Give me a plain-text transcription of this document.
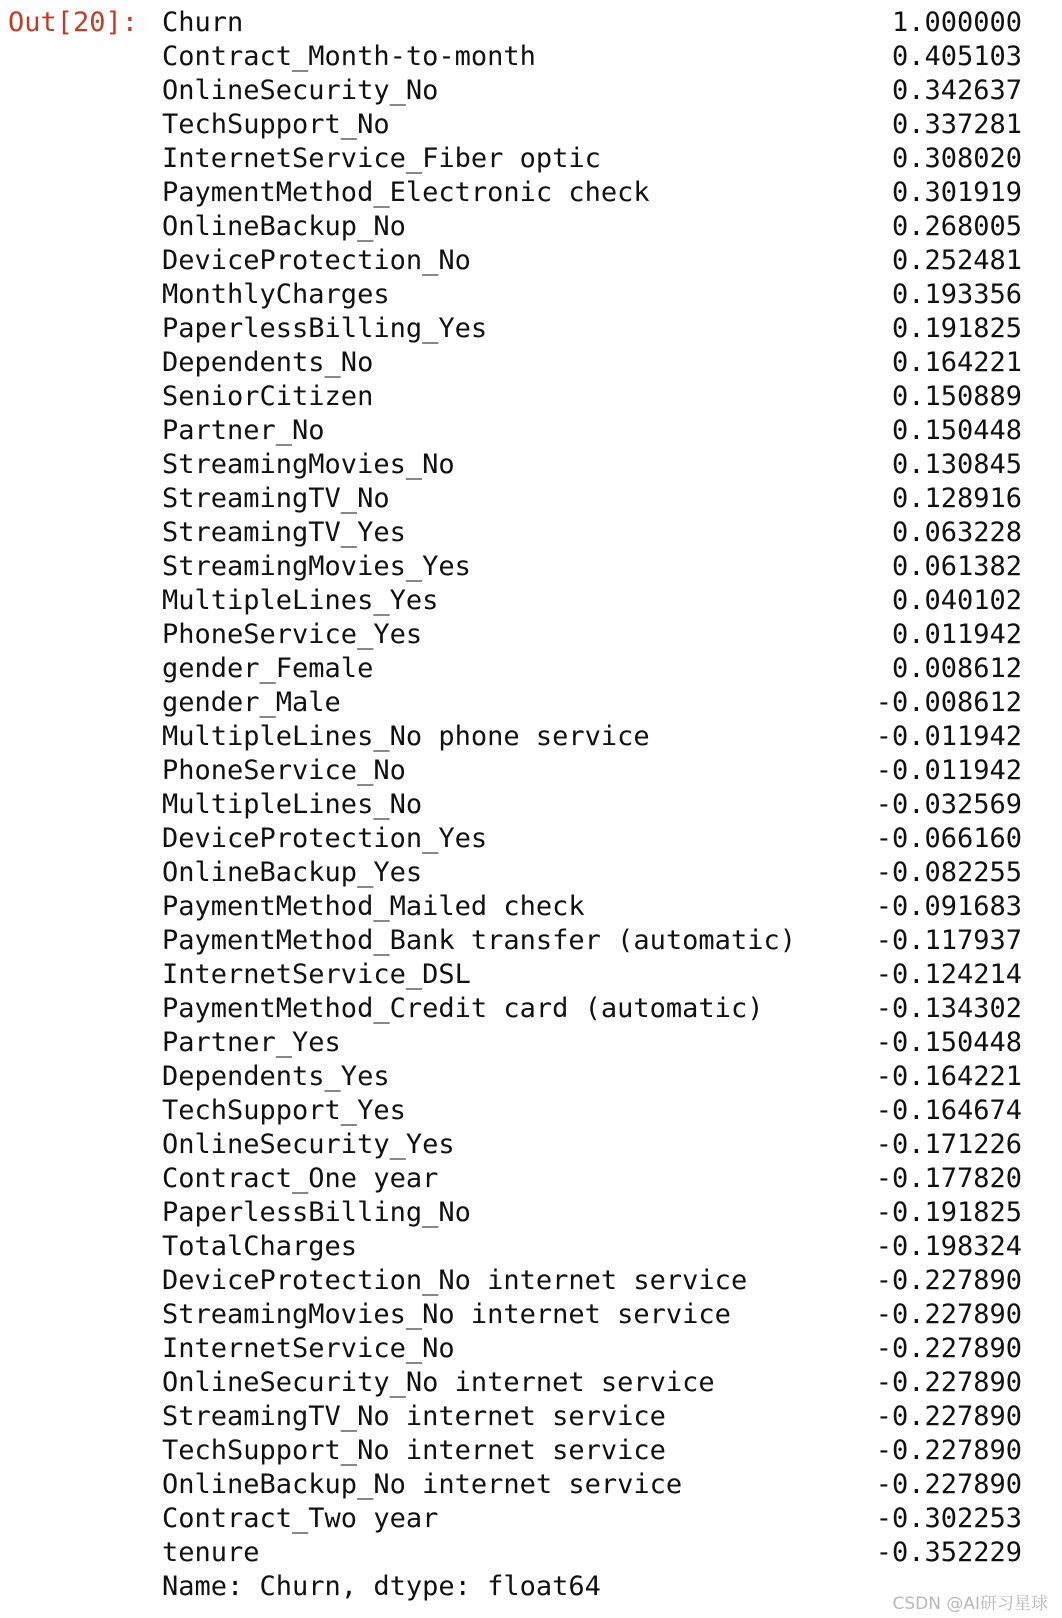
Out[20]: Churn	1.000000
Contract_Month-to-month	0.405103
OnlineSecurity_No	0.342637
TechSupport_No	0.337281
InternetService_Fiber optic	0.308020
PaymentMethod_Electronic check	0.301919
OnlineBackup_No	0.268005
DeviceProtection_No	0.252481
MonthlyCharges	0.193356
PaperlessBilling_Yes	0.191825
Dependents_No	0.164221
SeniorCitizen	0.150889
Partner_No	0.150448
StreamingMovies_No	0.130845
StreamingTV_No	0.128916
StreamingTV_Yes	0.063228
StreamingMovies_Yes	0.061382
MultipleLines_Yes	0.040102
PhoneService_Yes	0.011942
gender_Female	0.008612
gender_Male	-0.008612
MultipleLines_No phone service	-0.011942
PhoneService_No	-0.011942
MultipleLines_No	-0.032569
DeviceProtection_Yes	-0.066160
OnlineBackup_Yes	-0.082255
PaymentMethod_Mailed check	-0.091683
PaymentMethod_Bank transfer (automatic)	-0.117937
InternetService_DSL	-0.124214
PaymentMethod_Credit card (automatic)	-0.134302
Partner_Yes	-0.150448
Dependents_Yes	-0.164221
TechSupport_Yes	-0.164674
OnlineSecurity_Yes	-0.171226
Contract_One year	-0.177820
PaperlessBilling_No	-0.191825
TotalCharges	-0.198324
DeviceProtection_No internet service	-0.227890
StreamingMovies_No internet service	-0.227890
InternetService_No	-0.227890
OnlineSecurity_No internet service	-0.227890
StreamingTV_No internet service	-0.227890
TechSupport_No internet service	-0.227890
OnlineBackup_No internet service	-0.227890
Contract_Two year	-0.302253
tenure	-0.352229
Name: Churn, dtype: float64
CSDN @AI研习星球
